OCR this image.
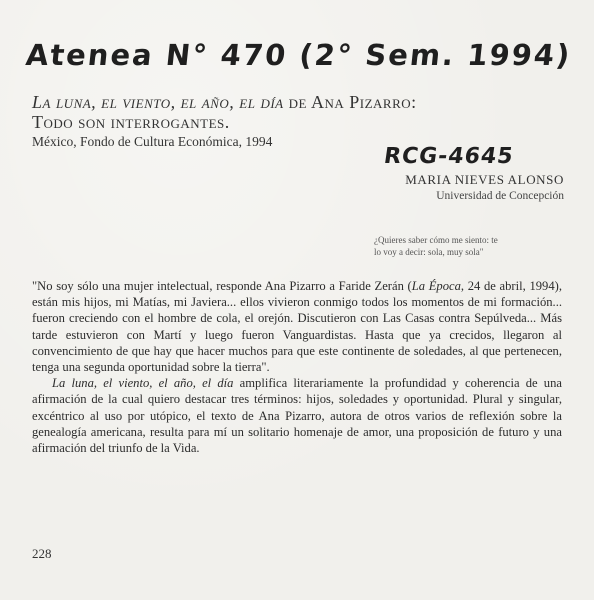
Atenea N° 470 (2° Sem. 1994)
La luna, el viento, el año, el día de Ana Pizarro:
Todo son interrogantes.
México, Fondo de Cultura Económica, 1994
RCG-4645
MARIA NIEVES ALONSO
Universidad de Concepción
¿Quieres saber cómo me siento: te
lo voy a decir: sola, muy sola"

"No soy sólo una mujer intelectual, responde Ana Pizarro a Faride Zerán (La Época, 24 de abril, 1994), están mis hijos, mi Matías, mi Javiera... ellos vivieron conmigo todos los momentos de mi formación... fueron creciendo con el hombre de cola, el orejón. Discutieron con Las Casas contra Sepúlveda... Más tarde estuvieron con Martí y luego fueron Vanguardistas. Hasta que ya crecidos, llegaron al convencimiento de que hay que hacer muchos para que este continente de soledades, al que pertenecen, tenga una segunda oportunidad sobre la tierra".

La luna, el viento, el año, el día amplifica literariamente la profundidad y coherencia de una afirmación de la cual quiero destacar tres términos: hijos, soledades y oportunidad. Plural y singular, excéntrico al uso por utópico, el texto de Ana Pizarro, autora de otros varios de reflexión sobre la genealogía americana, resulta para mí un solitario homenaje de amor, una proposición de futuro y una afirmación del triunfo de la Vida.

228
